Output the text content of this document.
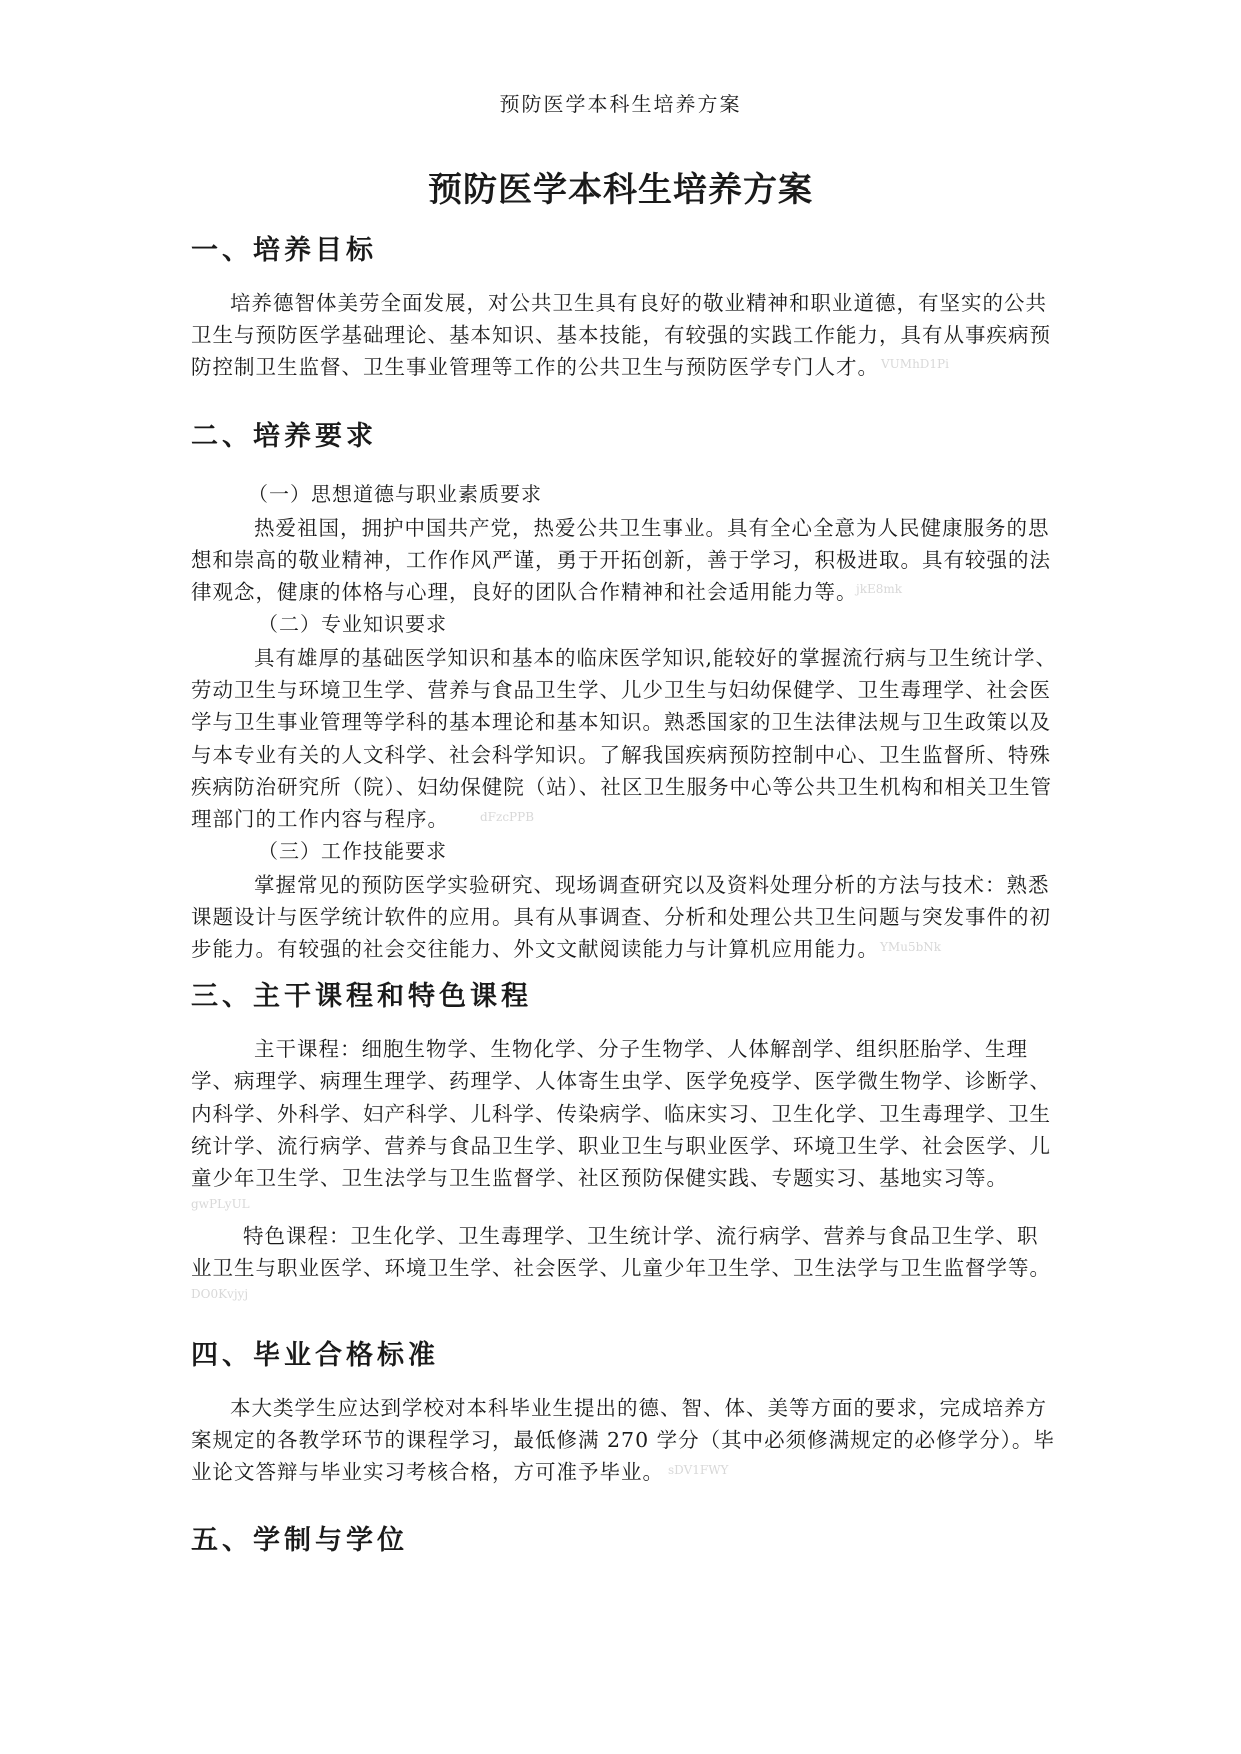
预防医学本科生培养方案
预防医学本科生培养方案
一、培养目标
培养德智体美劳全面发展，对公共卫生具有良好的敬业精神和职业道德，有坚实的公共
卫生与预防医学基础理论、基本知识、基本技能，有较强的实践工作能力，具有从事疾病预
防控制卫生监督、卫生事业管理等工作的公共卫生与预防医学专门人才。 VUMhD1Pi
二、培养要求
（一）思想道德与职业素质要求
热爱祖国，拥护中国共产党，热爱公共卫生事业。具有全心全意为人民健康服务的思
想和崇高的敬业精神，工作作风严谨，勇于开拓创新，善于学习，积极进取。具有较强的法
律观念，健康的体格与心理，良好的团队合作精神和社会适用能力等。
jkE8mk
（二）专业知识要求
具有雄厚的基础医学知识和基本的临床医学知识,能较好的掌握流行病与卫生统计学、
劳动卫生与环境卫生学、营养与食品卫生学、儿少卫生与妇幼保健学、卫生毒理学、社会医
学与卫生事业管理等学科的基本理论和基本知识。熟悉国家的卫生法律法规与卫生政策以及
与本专业有关的人文科学、社会科学知识。了解我国疾病预防控制中心、卫生监督所、特殊
疾病防治研究所（院）、妇幼保健院（站）、社区卫生服务中心等公共卫生机构和相关卫生管
理部门的工作内容与程序。	dFzcPPB
（三）工作技能要求
掌握常见的预防医学实验研究、现场调查研究以及资料处理分析的方法与技术：熟悉
课题设计与医学统计软件的应用。具有从事调查、分析和处理公共卫生问题与突发事件的初
步能力。有较强的社会交往能力、外文文献阅读能力与计算机应用能力。 YMu5bNk
三、主干课程和特色课程
主干课程：细胞生物学、生物化学、分子生物学、人体解剖学、组织胚胎学、生理
学、病理学、病理生理学、药理学、人体寄生虫学、医学免疫学、医学微生物学、诊断学、
内科学、外科学、妇产科学、儿科学、传染病学、临床实习、卫生化学、卫生毒理学、卫生
统计学、流行病学、营养与食品卫生学、职业卫生与职业医学、环境卫生学、社会医学、儿
童少年卫生学、卫生法学与卫生监督学、社区预防保健实践、专题实习、基地实习等。
gwPLyUL
特色课程：卫生化学、卫生毒理学、卫生统计学、流行病学、营养与食品卫生学、职
业卫生与职业医学、环境卫生学、社会医学、儿童少年卫生学、卫生法学与卫生监督学等。
DO0Kvjyj
四、毕业合格标准
本大类学生应达到学校对本科毕业生提出的德、智、体、美等方面的要求，完成培养方
案规定的各教学环节的课程学习，最低修满 270 学分（其中必须修满规定的必修学分）。毕
业论文答辩与毕业实习考核合格，方可准予毕业。 sDV1FWY
五、学制与学位
